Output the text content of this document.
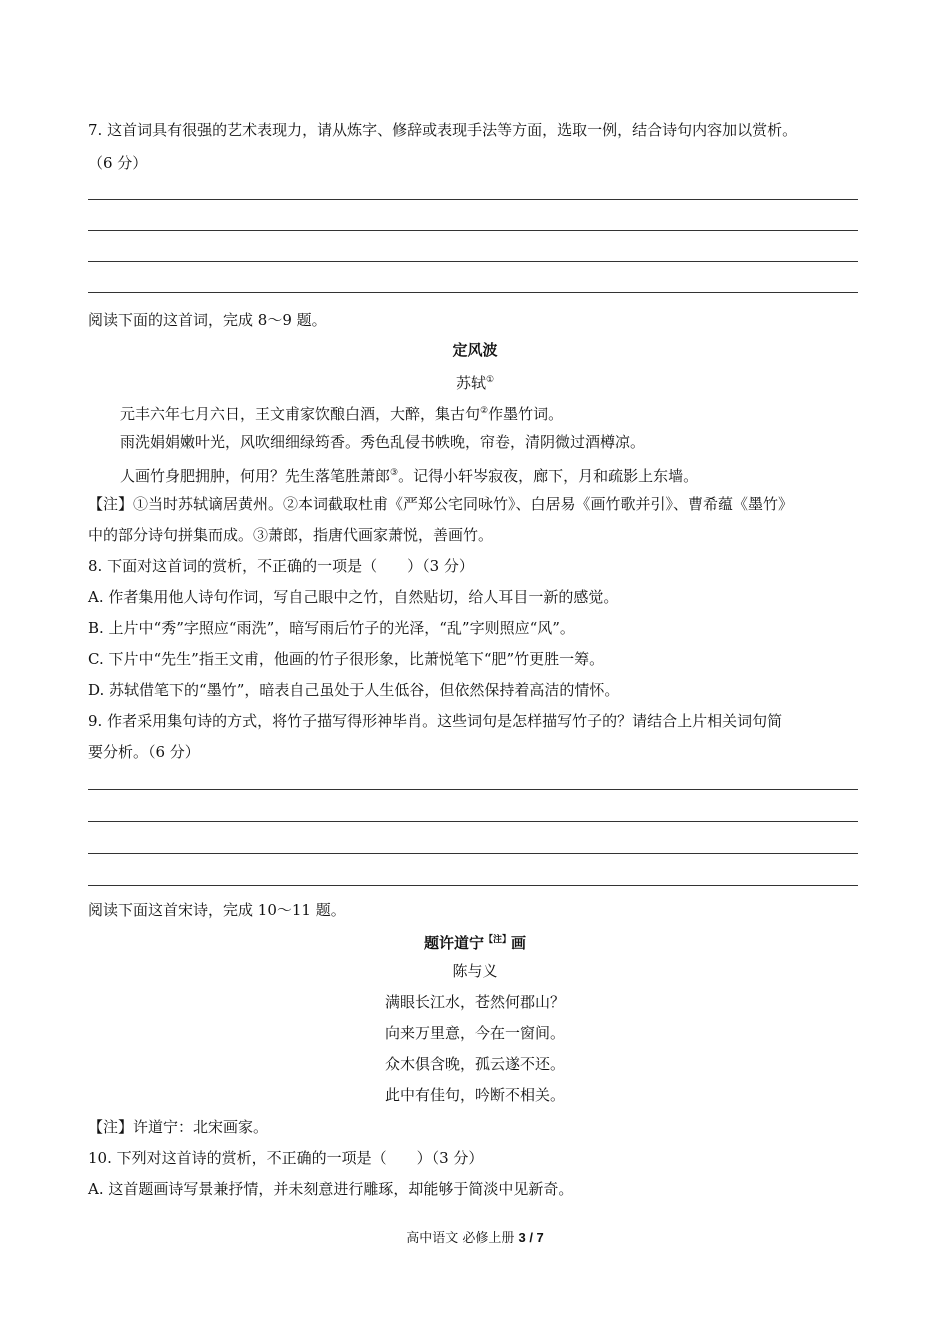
7. 这首词具有很强的艺术表现力，请从炼字、修辞或表现手法等方面，选取一例，结合诗句内容加以赏析。
（6 分）
阅读下面的这首词，完成 8～9 题。
定风波
苏轼①
元丰六年七月六日，王文甫家饮酿白酒，大醉，集古句②作墨竹词。
雨洗娟娟嫩叶光，风吹细细绿筠香。秀色乱侵书帙晚，帘卷，清阴微过酒樽凉。
人画竹身肥拥肿，何用？先生落笔胜萧郎③。记得小轩岑寂夜，廊下，月和疏影上东墙。
【注】①当时苏轼谪居黄州。②本词截取杜甫《严郑公宅同咏竹》、白居易《画竹歌并引》、曹希蕴《墨竹》
中的部分诗句拼集而成。③萧郎，指唐代画家萧悦，善画竹。
8. 下面对这首词的赏析，不正确的一项是（　　）（3 分）
A. 作者集用他人诗句作词，写自己眼中之竹，自然贴切，给人耳目一新的感觉。
B. 上片中“秀”字照应“雨洗”，暗写雨后竹子的光泽，“乱”字则照应“风”。
C. 下片中“先生”指王文甫，他画的竹子很形象，比萧悦笔下“肥”竹更胜一筹。
D. 苏轼借笔下的“墨竹”，暗表自己虽处于人生低谷，但依然保持着高洁的情怀。
9. 作者采用集句诗的方式，将竹子描写得形神毕肖。这些词句是怎样描写竹子的？请结合上片相关词句简
要分析。（6 分）
阅读下面这首宋诗，完成 10～11 题。
题许道宁$^{【注】}$画
陈与义
满眼长江水，苍然何郡山？
向来万里意，今在一窗间。
众木俱含晚，孤云遂不还。
此中有佳句，吟断不相关。
【注】许道宁：北宋画家。
10. 下列对这首诗的赏析，不正确的一项是（　　）（3 分）
A. 这首题画诗写景兼抒情，并未刻意进行雕琢，却能够于简淡中见新奇。
高中语文 必修上册 3 / 7
